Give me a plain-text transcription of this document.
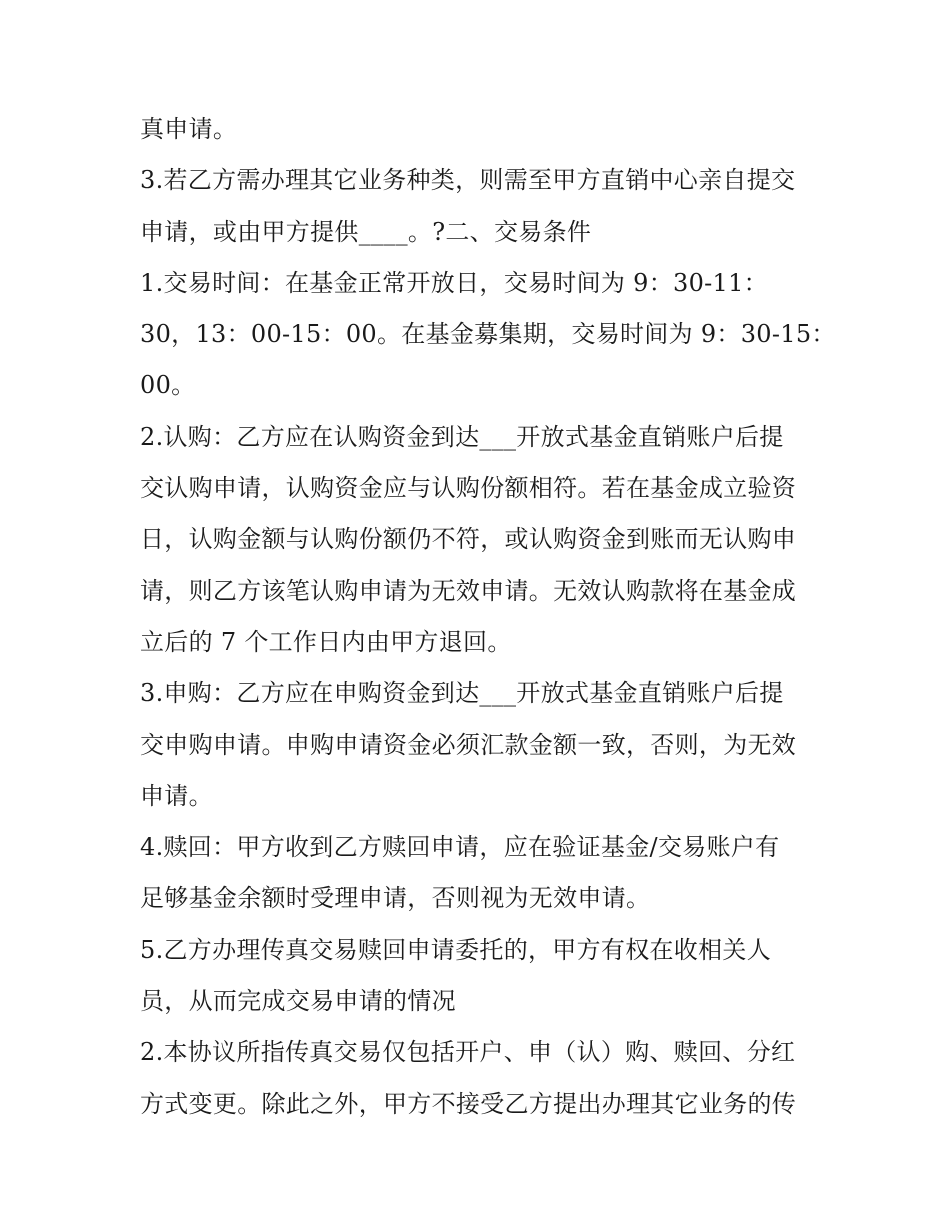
真申请。
3.若乙方需办理其它业务种类，则需至甲方直销中心亲自提交
申请，或由甲方提供____。?二、交易条件
1.交易时间：在基金正常开放日，交易时间为 9：30-11：
30，13：00-15：00。在基金募集期，交易时间为 9：30-15：
00。
2.认购：乙方应在认购资金到达___开放式基金直销账户后提
交认购申请，认购资金应与认购份额相符。若在基金成立验资
日，认购金额与认购份额仍不符，或认购资金到账而无认购申
请，则乙方该笔认购申请为无效申请。无效认购款将在基金成
立后的 7 个工作日内由甲方退回。
3.申购：乙方应在申购资金到达___开放式基金直销账户后提
交申购申请。申购申请资金必须汇款金额一致，否则，为无效
申请。
4.赎回：甲方收到乙方赎回申请，应在验证基金/交易账户有
足够基金余额时受理申请，否则视为无效申请。
5.乙方办理传真交易赎回申请委托的，甲方有权在收相关人
员，从而完成交易申请的情况
2.本协议所指传真交易仅包括开户、申（认）购、赎回、分红
方式变更。除此之外，甲方不接受乙方提出办理其它业务的传
